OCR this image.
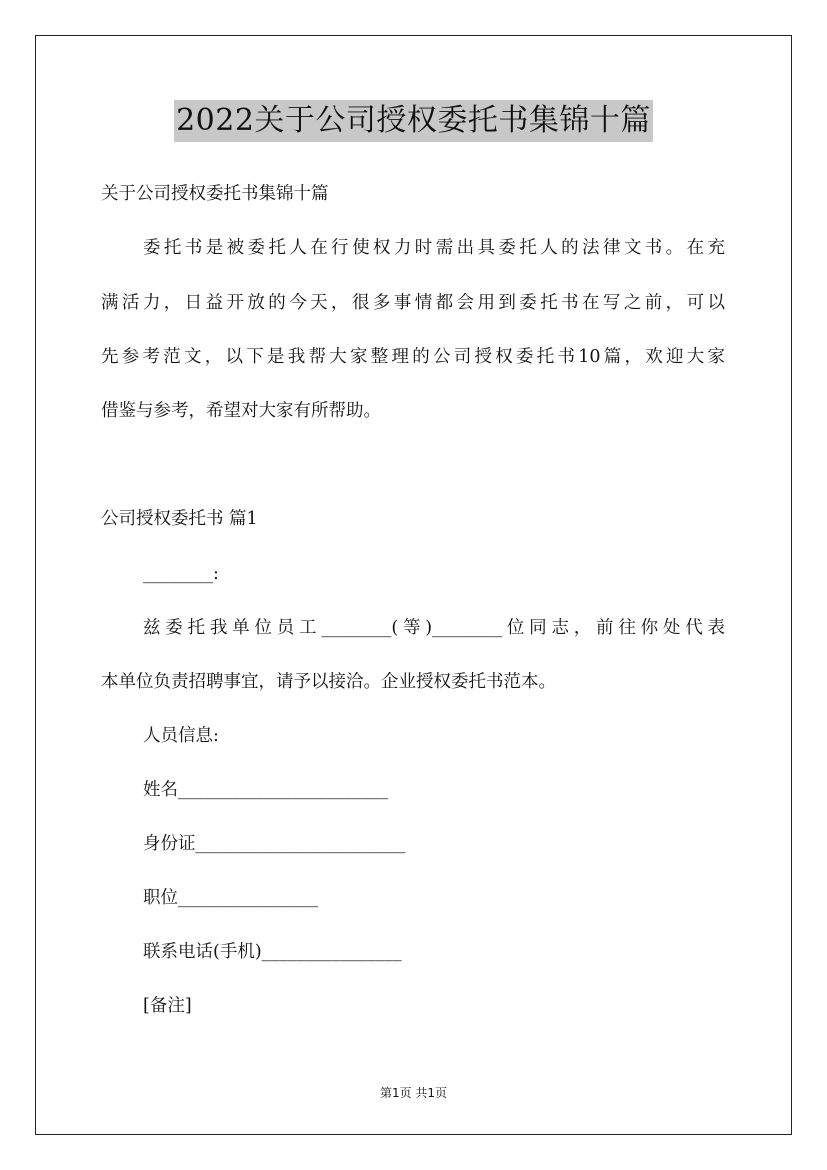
2022关于公司授权委托书集锦十篇
关于公司授权委托书集锦十篇
委托书是被委托人在行使权力时需出具委托人的法律文书。在充
满活力，日益开放的今天，很多事情都会用到委托书在写之前，可以
先参考范文，以下是我帮大家整理的公司授权委托书10篇，欢迎大家
借鉴与参考，希望对大家有所帮助。
公司授权委托书 篇1
________:
兹委托我单位员工________(等)________位同志，前往你处代表
本单位负责招聘事宜，请予以接洽。企业授权委托书范本。
人员信息:
姓名________________________
身份证________________________
职位________________
联系电话(手机)________________
[备注]
第1页 共1页
